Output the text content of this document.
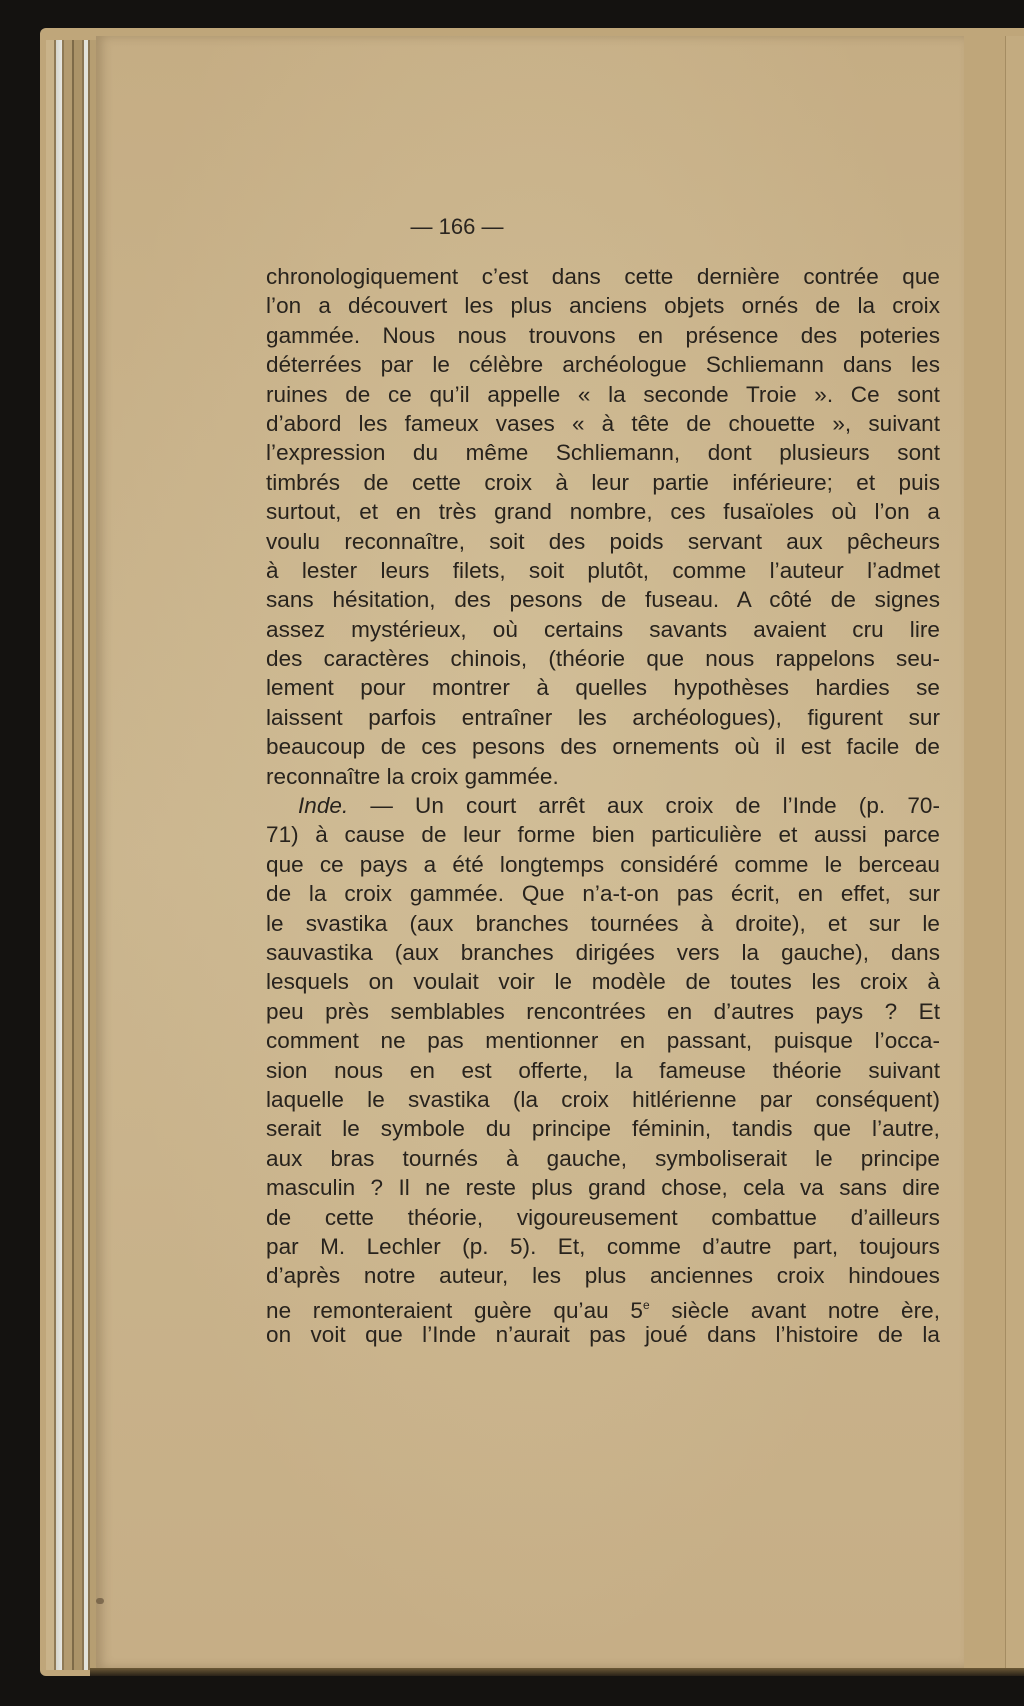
— 166 —
chronologiquement c’est dans cette dernière contrée que
l’on a découvert les plus anciens objets ornés de la croix
gammée. Nous nous trouvons en présence des poteries
déterrées par le célèbre archéologue Schliemann dans les
ruines de ce qu’il appelle « la seconde Troie ». Ce sont
d’abord les fameux vases « à tête de chouette », suivant
l’expression du même Schliemann, dont plusieurs sont
timbrés de cette croix à leur partie inférieure; et puis
surtout, et en très grand nombre, ces fusaïoles où l’on a
voulu reconnaître, soit des poids servant aux pêcheurs
à lester leurs filets, soit plutôt, comme l’auteur l’admet
sans hésitation, des pesons de fuseau. A côté de signes
assez mystérieux, où certains savants avaient cru lire
des caractères chinois, (théorie que nous rappelons seu-
lement pour montrer à quelles hypothèses hardies se
laissent parfois entraîner les archéologues), figurent sur
beaucoup de ces pesons des ornements où il est facile de
reconnaître la croix gammée.
Inde. — Un court arrêt aux croix de l’Inde (p. 70-
71) à cause de leur forme bien particulière et aussi parce
que ce pays a été longtemps considéré comme le berceau
de la croix gammée. Que n’a-t-on pas écrit, en effet, sur
le svastika (aux branches tournées à droite), et sur le
sauvastika (aux branches dirigées vers la gauche), dans
lesquels on voulait voir le modèle de toutes les croix à
peu près semblables rencontrées en d’autres pays ? Et
comment ne pas mentionner en passant, puisque l’occa-
sion nous en est offerte, la fameuse théorie suivant
laquelle le svastika (la croix hitlérienne par conséquent)
serait le symbole du principe féminin, tandis que l’autre,
aux bras tournés à gauche, symboliserait le principe
masculin ? Il ne reste plus grand chose, cela va sans dire
de cette théorie, vigoureusement combattue d’ailleurs
par M. Lechler (p. 5). Et, comme d’autre part, toujours
d’après notre auteur, les plus anciennes croix hindoues
ne remonteraient guère qu’au 5e siècle avant notre ère,
on voit que l’Inde n’aurait pas joué dans l’histoire de la
